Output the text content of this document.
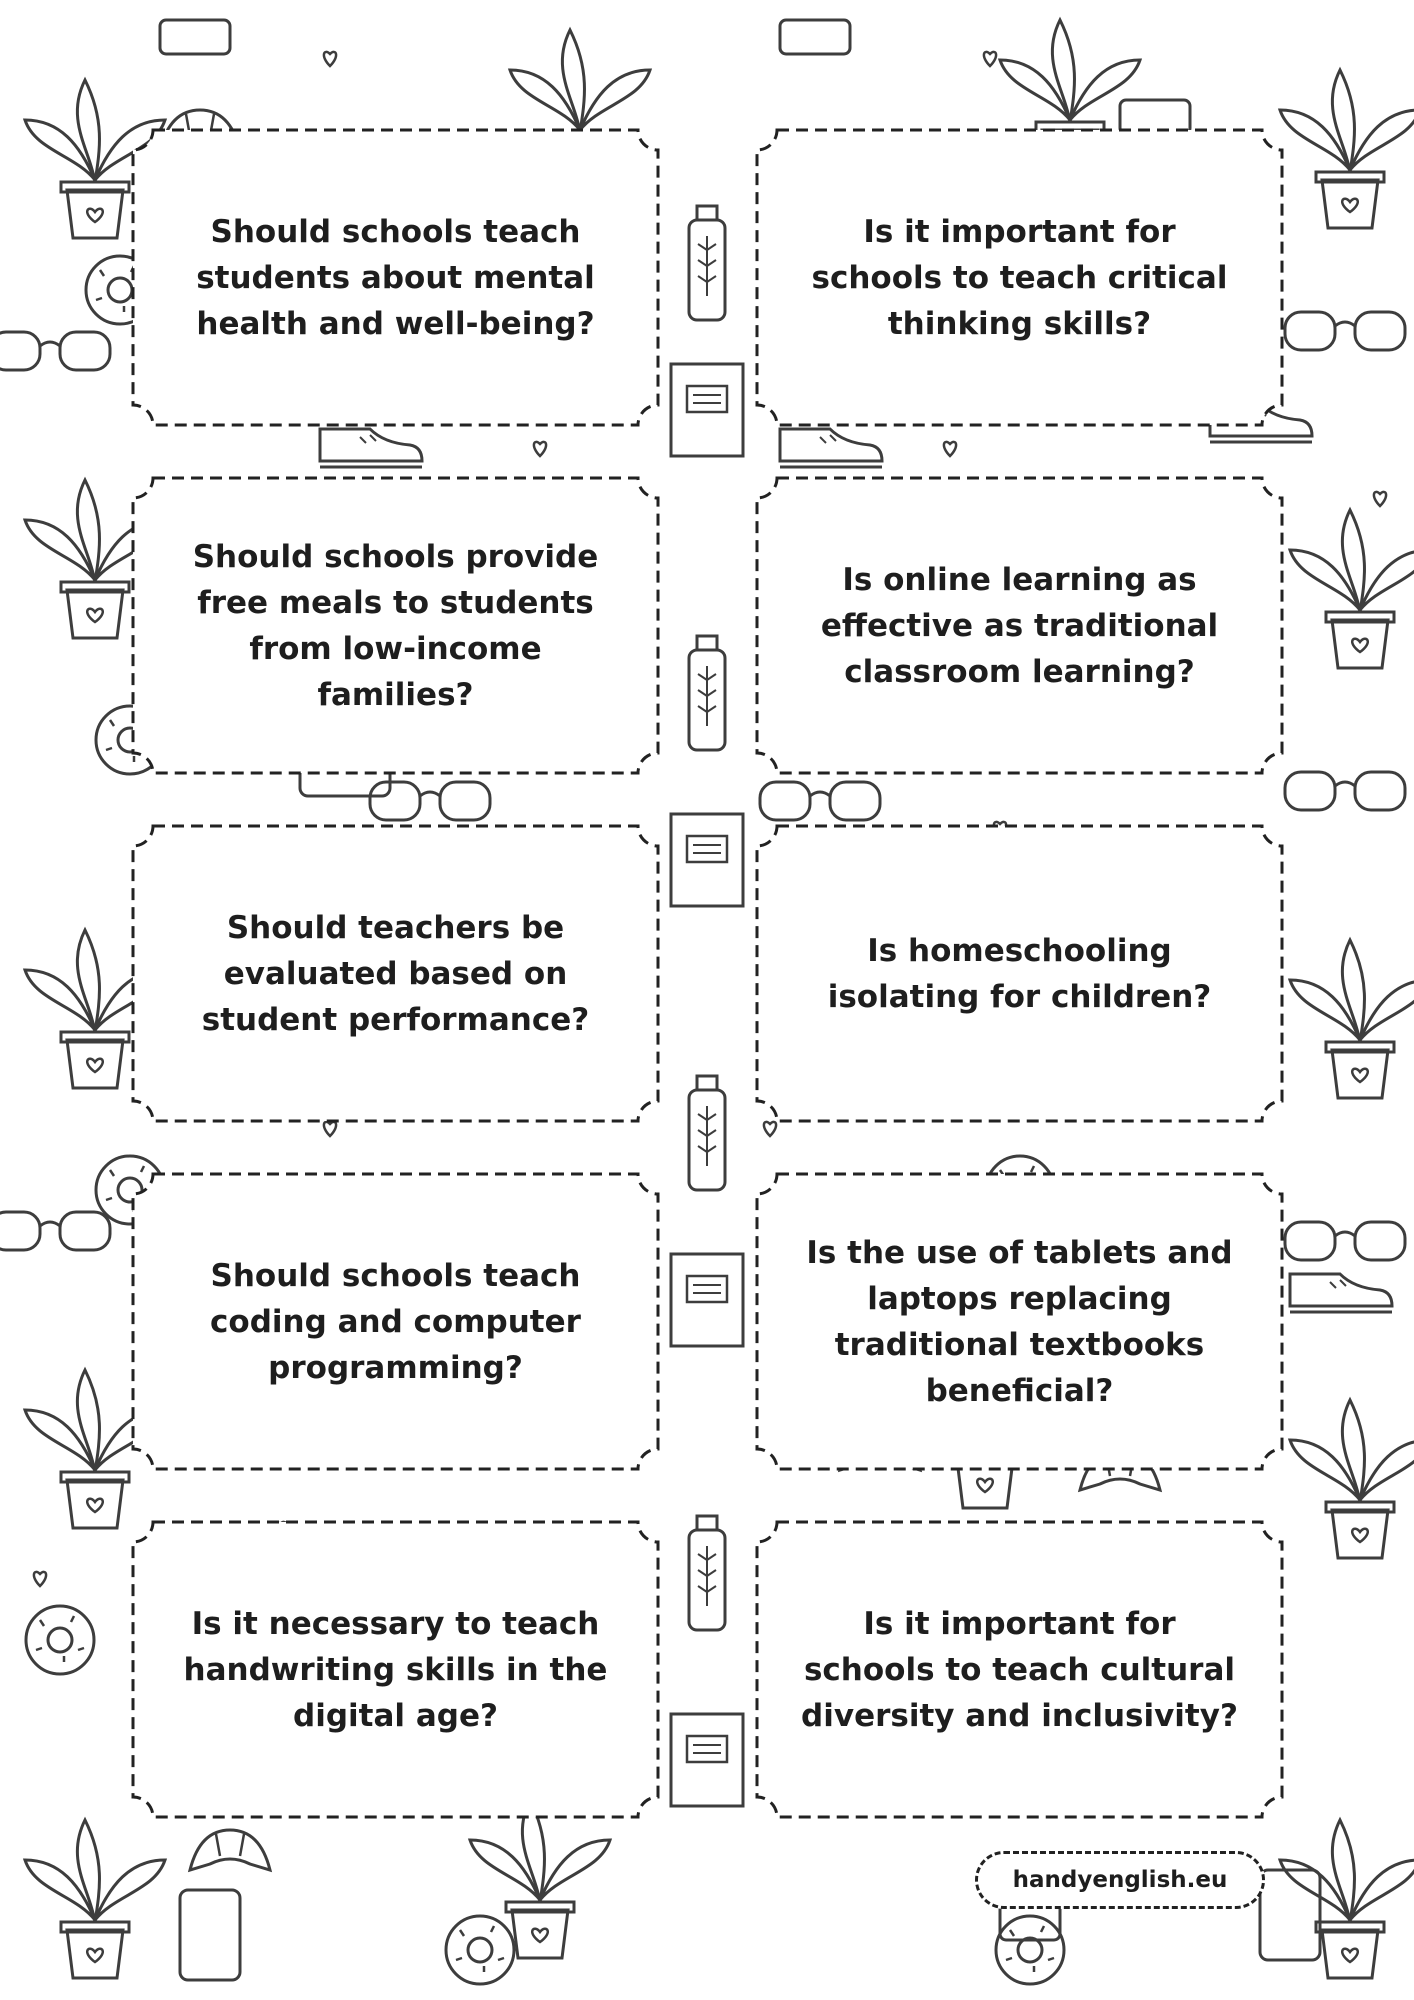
Should schools teach students about mental health and well-being?
Is it important for schools to teach critical thinking skills?
Should schools provide free meals to students from low-income families?
Is online learning as effective as traditional classroom learning?
Should teachers be evaluated based on student performance?
Is homeschooling isolating for children?
Should schools teach coding and computer programming?
Is the use of tablets and laptops replacing traditional textbooks beneficial?
Is it necessary to teach handwriting skills in the digital age?
Is it important for schools to teach cultural diversity and inclusivity?
handyenglish.eu
